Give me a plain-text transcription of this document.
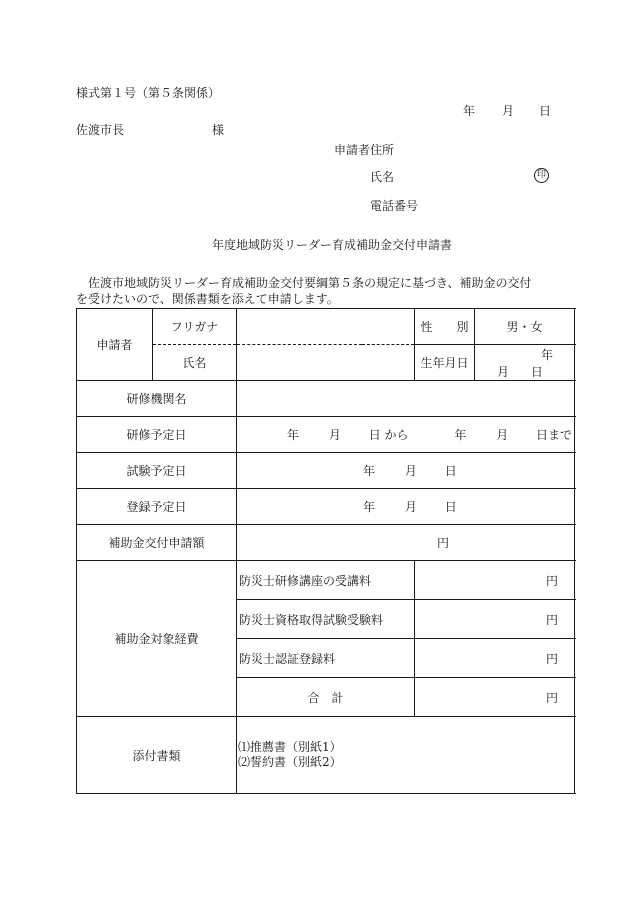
様式第１号（第５条関係）
年 月 日
佐渡市長	様
申請者住所
氏名	印
電話番号
年度地域防災リーダー育成補助金交付申請書
佐渡市地域防災リーダー育成補助金交付要綱第５条の規定に基づき、補助金の交付
を受けたいので、関係書類を添えて申請します。
申請者	フリガナ		性　　別	男・女
	氏名		生年月日	年 月 日
研修機関名				
研修予定日		年 月 日 から 年 月 日まで		
試験予定日		年 月 日		
登録予定日		年 月 日		
補助金交付申請額		円		
補助金対象経費		防災士研修講座の受講料	円	
		防災士資格取得試験受験料	円	
		防災士認証登録料	円	
		合　計	円	
添付書類		⑴推薦書（別紙1）
⑵誓約書（別紙2）		
